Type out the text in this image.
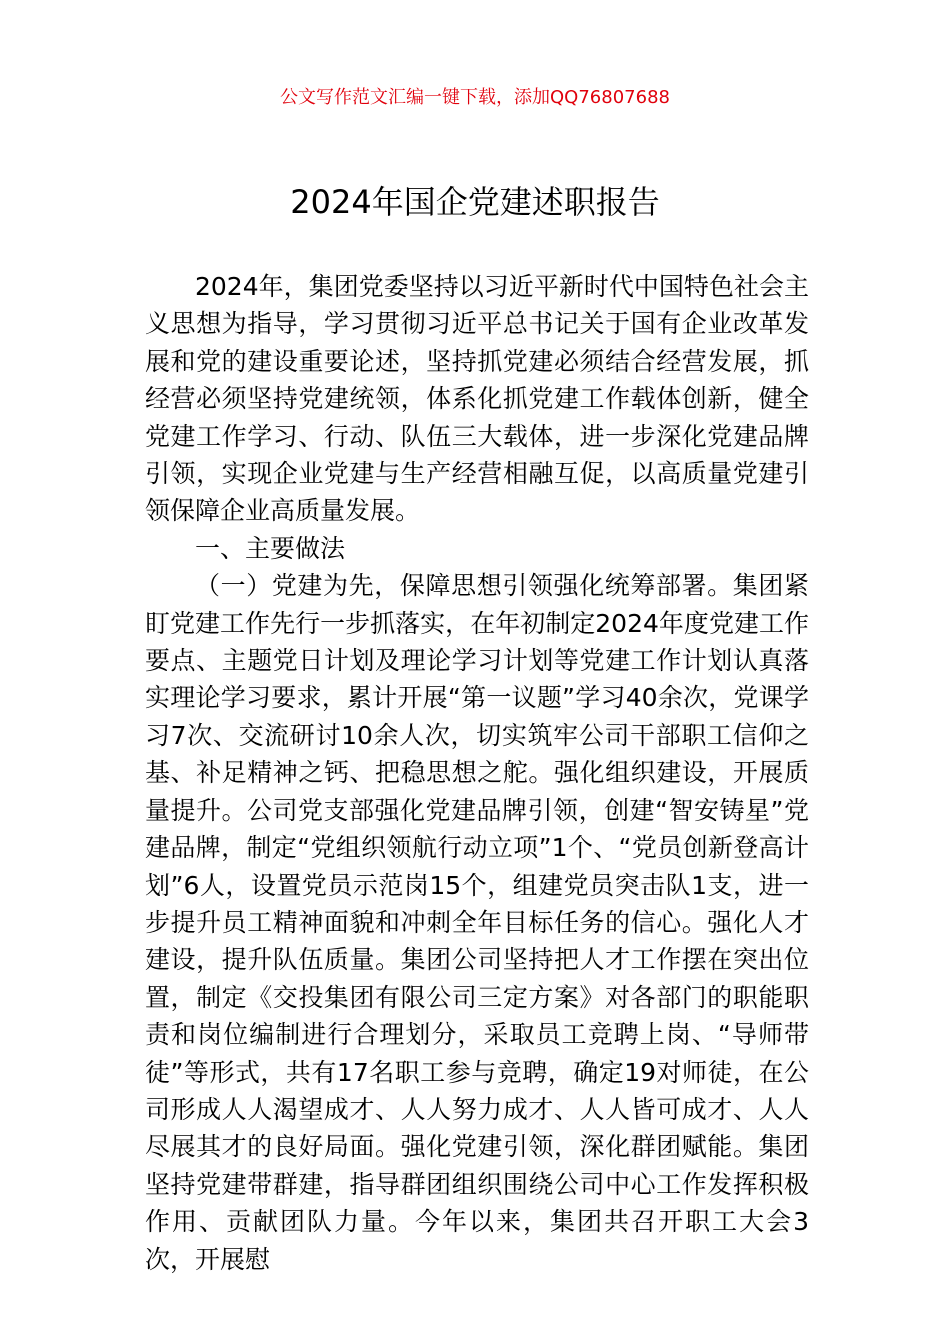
公文写作范文汇编一键下载，添加QQ76807688
2024年国企党建述职报告

2024年，集团党委坚持以习近平新时代中国特色社会主义思想为指导，学习贯彻习近平总书记关于国有企业改革发展和党的建设重要论述，坚持抓党建必须结合经营发展，抓经营必须坚持党建统领，体系化抓党建工作载体创新，健全党建工作学习、行动、队伍三大载体，进一步深化党建品牌引领，实现企业党建与生产经营相融互促，以高质量党建引领保障企业高质量发展。

一、主要做法

（一）党建为先，保障思想引领强化统筹部署。集团紧盯党建工作先行一步抓落实，在年初制定2024年度党建工作要点、主题党日计划及理论学习计划等党建工作计划认真落实理论学习要求，累计开展“第一议题”学习40余次，党课学习7次、交流研讨10余人次，切实筑牢公司干部职工信仰之基、补足精神之钙、把稳思想之舵。强化组织建设，开展质量提升。公司党支部强化党建品牌引领，创建“智安铸星”党建品牌，制定“党组织领航行动立项”1个、“党员创新登高计划”6人，设置党员示范岗15个，组建党员突击队1支，进一步提升员工精神面貌和冲刺全年目标任务的信心。强化人才建设，提升队伍质量。集团公司坚持把人才工作摆在突出位置，制定《交投集团有限公司三定方案》对各部门的职能职责和岗位编制进行合理划分，采取员工竞聘上岗、“导师带徒”等形式，共有17名职工参与竞聘，确定19对师徒，在公司形成人人渴望成才、人人努力成才、人人皆可成才、人人尽展其才的良好局面。强化党建引领，深化群团赋能。集团坚持党建带群建，指导群团组织围绕公司中心工作发挥积极作用、贡献团队力量。今年以来，集团共召开职工大会3次，开展慰
